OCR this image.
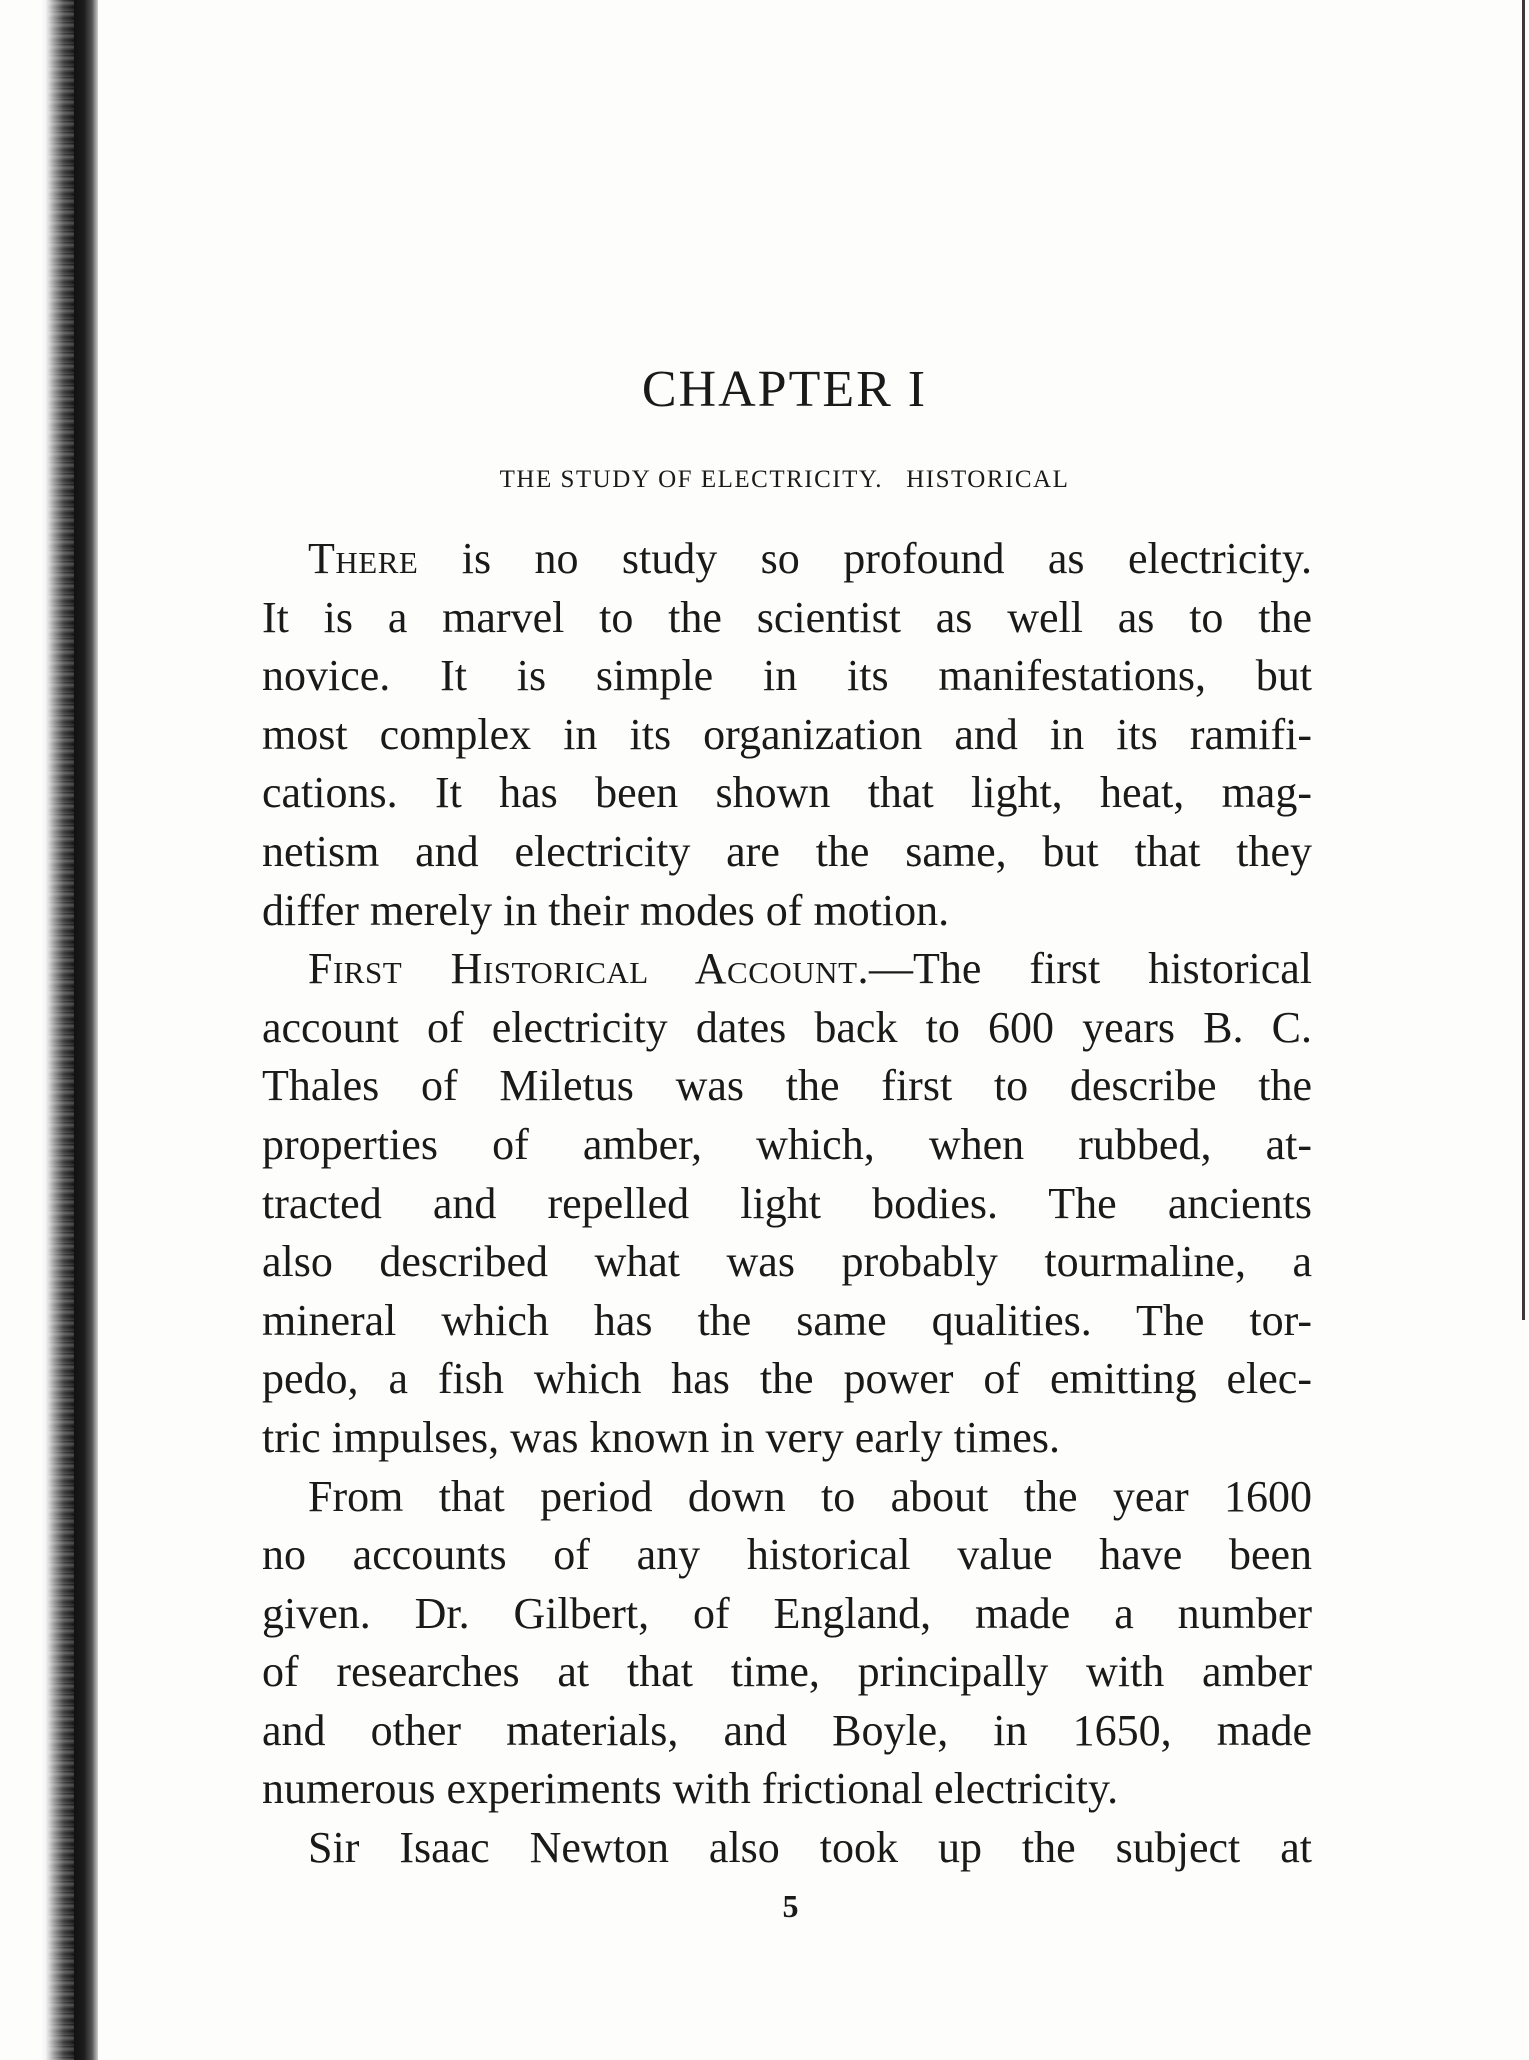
CHAPTER I
THE STUDY OF ELECTRICITY.   HISTORICAL
There is no study so profound as electricity.
It is a marvel to the scientist as well as to the
novice. It is simple in its manifestations, but
most complex in its organization and in its ramifi-
cations. It has been shown that light, heat, mag-
netism and electricity are the same, but that they
differ merely in their modes of motion.
First Historical Account.—The first historical
account of electricity dates back to 600 years B. C.
Thales of Miletus was the first to describe the
properties of amber, which, when rubbed, at-
tracted and repelled light bodies. The ancients
also described what was probably tourmaline, a
mineral which has the same qualities. The tor-
pedo, a fish which has the power of emitting elec-
tric impulses, was known in very early times.
From that period down to about the year 1600
no accounts of any historical value have been
given. Dr. Gilbert, of England, made a number
of researches at that time, principally with amber
and other materials, and Boyle, in 1650, made
numerous experiments with frictional electricity.
Sir Isaac Newton also took up the subject at
5
